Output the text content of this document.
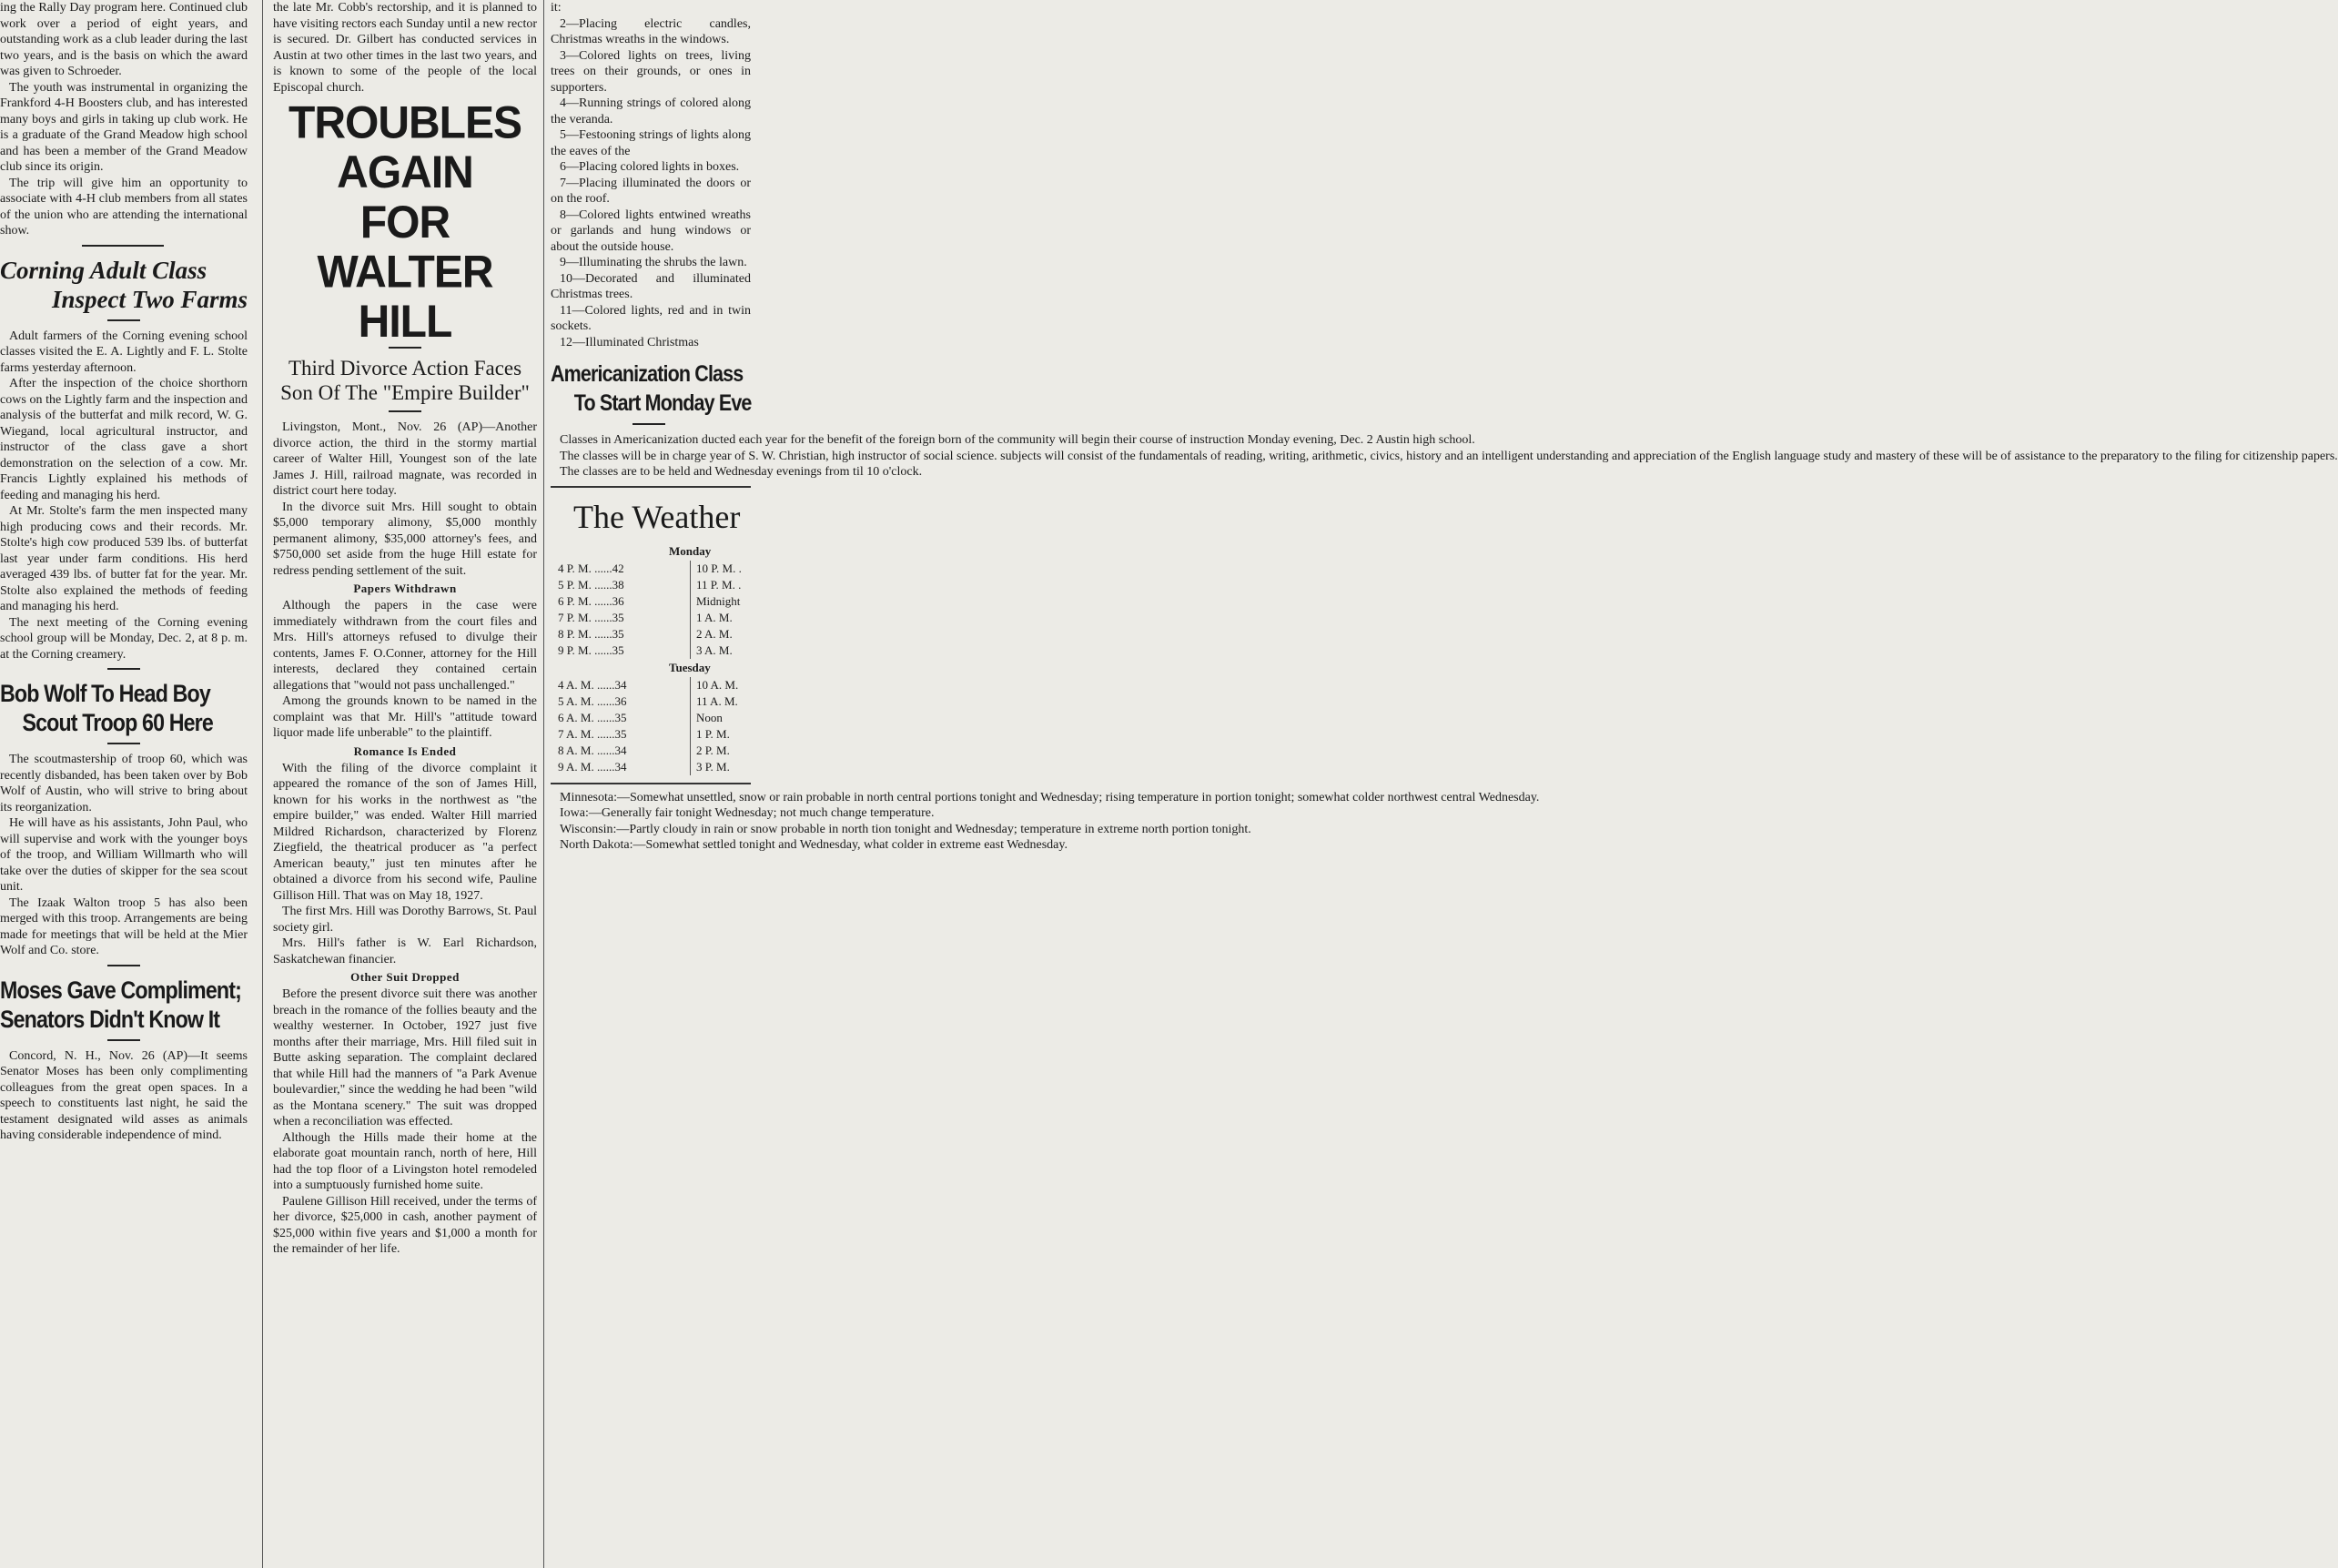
ing the Rally Day program here. Continued club work over a period of eight years, and outstanding work as a club leader during the last two years, and is the basis on which the award was given to Schroeder.

The youth was instrumental in organizing the Frankford 4-H Boosters club, and has interested many boys and girls in taking up club work. He is a graduate of the Grand Meadow high school and has been a member of the Grand Meadow club since its origin.

The trip will give him an opportunity to associate with 4-H club members from all states of the union who are attending the international show.

Corning Adult Class
Inspect Two Farms

Adult farmers of the Corning evening school classes visited the E. A. Lightly and F. L. Stolte farms yesterday afternoon.

After the inspection of the choice shorthorn cows on the Lightly farm and the inspection and analysis of the butterfat and milk record, W. G. Wiegand, local agricultural instructor, and instructor of the class gave a short demonstration on the selection of a cow. Mr. Francis Lightly explained his methods of feeding and managing his herd.

At Mr. Stolte's farm the men inspected many high producing cows and their records. Mr. Stolte's high cow produced 539 lbs. of butterfat last year under farm conditions. His herd averaged 439 lbs. of butter fat for the year. Mr. Stolte also explained the methods of feeding and managing his herd.

The next meeting of the Corning evening school group will be Monday, Dec. 2, at 8 p. m. at the Corning creamery.

Bob Wolf To Head Boy
Scout Troop 60 Here

The scoutmastership of troop 60, which was recently disbanded, has been taken over by Bob Wolf of Austin, who will strive to bring about its reorganization.

He will have as his assistants, John Paul, who will supervise and work with the younger boys of the troop, and William Willmarth who will take over the duties of skipper for the sea scout unit.

The Izaak Walton troop 5 has also been merged with this troop. Arrangements are being made for meetings that will be held at the Mier Wolf and Co. store.

Moses Gave Compliment;
Senators Didn't Know It

Concord, N. H., Nov. 26 (AP)—It seems Senator Moses has been only complimenting colleagues from the great open spaces. In a speech to constituents last night, he said the testament designated wild asses as animals having considerable independence of mind.

the late Mr. Cobb's rectorship, and it is planned to have visiting rectors each Sunday until a new rector is secured. Dr. Gilbert has conducted services in Austin at two other times in the last two years, and is known to some of the people of the local Episcopal church.

TROUBLES AGAIN
FOR WALTER HILL
Third Divorce Action Faces Son Of The "Empire Builder"

Livingston, Mont., Nov. 26 (AP)—Another divorce action, the third in the stormy martial career of Walter Hill, Youngest son of the late James J. Hill, railroad magnate, was recorded in district court here today.

In the divorce suit Mrs. Hill sought to obtain $5,000 temporary alimony, $5,000 monthly permanent alimony, $35,000 attorney's fees, and $750,000 set aside from the huge Hill estate for redress pending settlement of the suit.

Papers Withdrawn

Although the papers in the case were immediately withdrawn from the court files and Mrs. Hill's attorneys refused to divulge their contents, James F. O.Conner, attorney for the Hill interests, declared they contained certain allegations that "would not pass unchallenged."

Among the grounds known to be named in the complaint was that Mr. Hill's "attitude toward liquor made life unberable" to the plaintiff.

Romance Is Ended

With the filing of the divorce complaint it appeared the romance of the son of James Hill, known for his works in the northwest as "the empire builder," was ended. Walter Hill married Mildred Richardson, characterized by Florenz Ziegfield, the theatrical producer as "a perfect American beauty," just ten minutes after he obtained a divorce from his second wife, Pauline Gillison Hill. That was on May 18, 1927.

The first Mrs. Hill was Dorothy Barrows, St. Paul society girl.

Mrs. Hill's father is W. Earl Richardson, Saskatchewan financier.

Other Suit Dropped

Before the present divorce suit there was another breach in the romance of the follies beauty and the wealthy westerner. In October, 1927 just five months after their marriage, Mrs. Hill filed suit in Butte asking separation. The complaint declared that while Hill had the manners of "a Park Avenue boulevardier," since the wedding he had been "wild as the Montana scenery." The suit was dropped when a reconciliation was effected.

Although the Hills made their home at the elaborate goat mountain ranch, north of here, Hill had the top floor of a Livingston hotel remodeled into a sumptuously furnished home suite.

Paulene Gillison Hill received, under the terms of her divorce, $25,000 in cash, another payment of $25,000 within five years and $1,000 a month for the remainder of her life.

it:

2—Placing electric candles, Christmas wreaths in the windows.

3—Colored lights on trees, living trees on their grounds, or ones in supporters.

4—Running strings of colored along the veranda.

5—Festooning strings of lights along the eaves of the

6—Placing colored lights in boxes.

7—Placing illuminated the doors or on the roof.

8—Colored lights entwined wreaths or garlands and hung windows or about the outside house.

9—Illuminating the shrubs the lawn.

10—Decorated and illuminated Christmas trees.

11—Colored lights, red and in twin sockets.

12—Illuminated Christmas

Americanization Class
To Start Monday Eve

Classes in Americanization ducted each year for the benefit of the foreign born of the community will begin their course of instruction Monday evening, Dec. 2 Austin high school.

The classes will be in charge year of S. W. Christian, high instructor of social science. subjects will consist of the fundamentals of reading, writing, arithmetic, civics, history and an intelligent understanding and appreciation of the English language study and mastery of these will be of assistance to the preparatory to the filing for citizenship papers.

The classes are to be held and Wednesday evenings from til 10 o'clock.

The Weather
Monday
4 P. M. ......42	10 P. M. .
5 P. M. ......38	11 P. M. .
6 P. M. ......36	Midnight
7 P. M. ......35	1 A. M.
8 P. M. ......35	2 A. M.
9 P. M. ......35	3 A. M.
Tuesday
4 A. M. ......34	10 A. M.
5 A. M. ......36	11 A. M.
6 A. M. ......35	Noon
7 A. M. ......35	1 P. M.
8 A. M. ......34	2 P. M.
9 A. M. ......34	3 P. M.

Minnesota:—Somewhat unsettled, snow or rain probable in north central portions tonight and Wednesday; rising temperature in portion tonight; somewhat colder northwest central Wednesday.

Iowa:—Generally fair tonight Wednesday; not much change temperature.

Wisconsin:—Partly cloudy in rain or snow probable in north tion tonight and Wednesday; temperature in extreme north portion tonight.

North Dakota:—Somewhat settled tonight and Wednesday, what colder in extreme east Wednesday.
